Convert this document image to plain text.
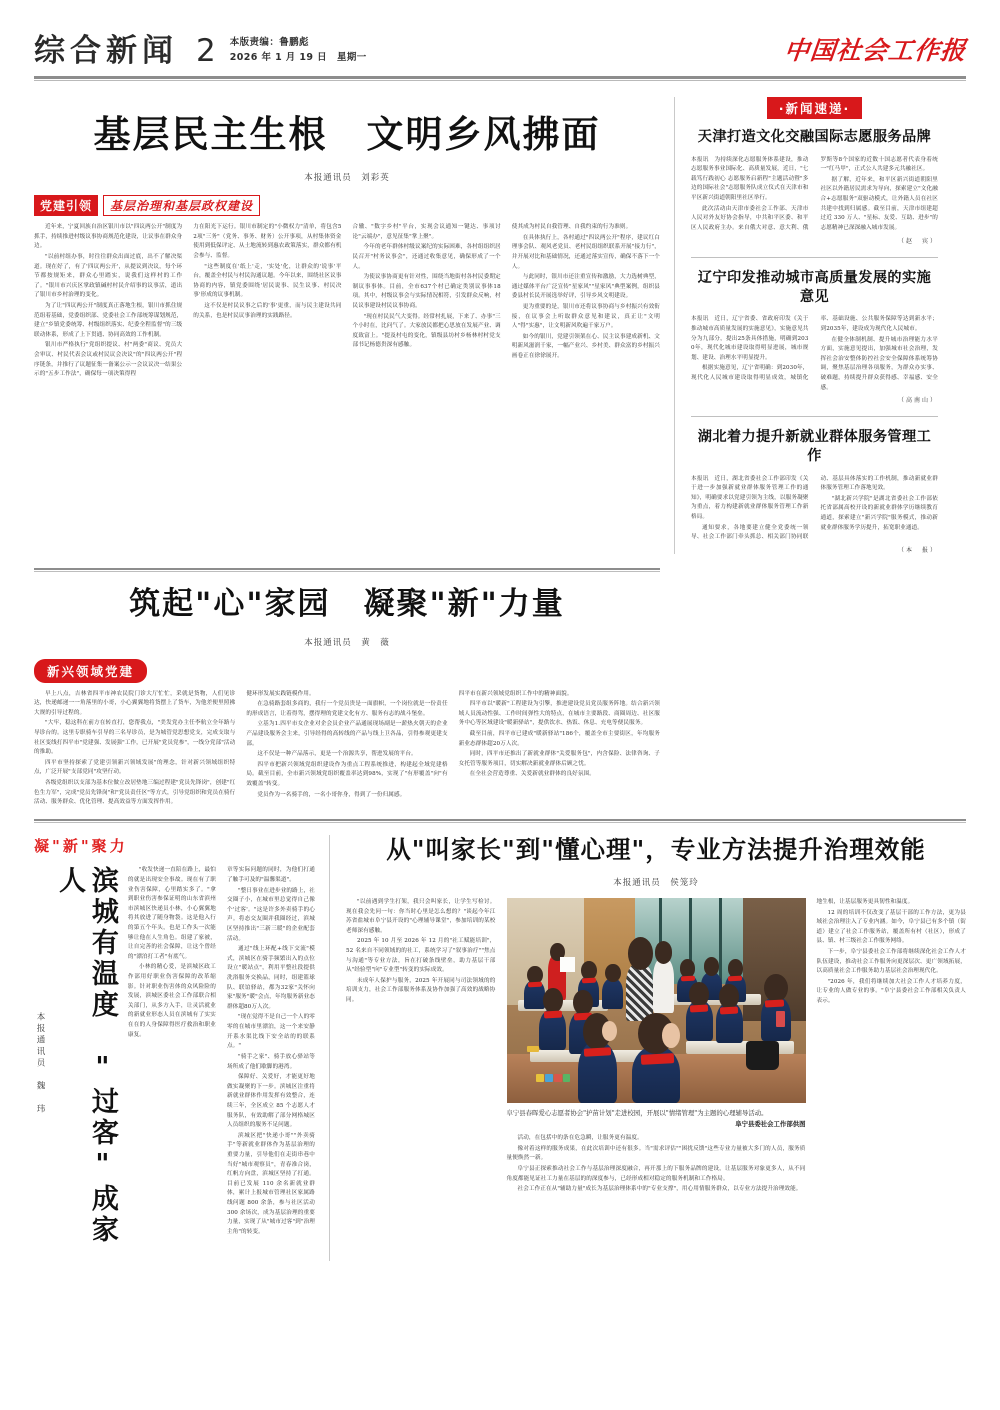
综合新闻 2 本版责编：鲁鹏彪
2026 年 1 月 19 日　星期一	中国社会工作报
基层民主生根　文明乡风拂面
本报通讯员　刘彩英
党建引领	基层治理和基层政权建设

近年来，宁夏回族自治区银川市以"四议两公开"制度为抓手，持续推进村级议事协商规范化建设，让议事在群众身边。

"以前村组办事，时往往群众出面过底，出不了解决渠道。现在好了，有了'四议两公开'，从提议到决议，每个环节都按规矩来，群众心里踏实，说我们这样村的工作了。"银川市兴庆区掌政镇碱村村民介绍事的议事活，道出了银川市乡村治理的变化。

为了让"四议两公开"制度真正落地生根，银川市抓住规范组着基础，党委组织部、党委社会工作部统筹谋划规范，建立"乡镇党委统筹、村级组织落实、纪委全程监督"的三级联动体系，形成了上下贯通、协同高效的工作机制。

银川市严格执行"党组织提议、村"两委"商议、党员大会审议、村民代表会议或村民议会决议"的"四议两公开"程序链条，并推行了议题征集一备案公示一会议议决一结果公示的"五步工作法"，确保每一项决策得程

力在阳光下运行。银川市制定的"小微权力"清单，将包含52项"三务"（党务、事务、财务）公开事项，从村集体资金使用到低保评定、从土地流转到惠农政策落实，群众都有机会参与、监督。

"这些制度在'纸上'走，'实处'化，让群众的'说事'平台，覆盖全村民与村民沟通议题。今年以来，围绕社区议事协商的内容，镇党委围绕'居民说事、民生议事、村民决事'形成的议事机制。

这不仅是村民议事之后的'事'更重，而与民主建设共同的关系，也是村民议事治理的实践路径。

合辙、"数字乡村"平台，实现会议通知一键达、事项讨论"云端办"，意见征集"掌上聚"。

今年的老年群体村级议案纪的实际困难，各村组组织居民召开"村务议事会"，还通过收集意见，确保形成了一个人。

为使议事协商更有针对性，围绕当地街村各村民委期定制议事事体。目前，全市637个村已确定类别议事体18项。其中，村级议事会与实际情况相符，引发群众反响，村民议事建设村民议事协商。

"现在村民民气大变得。经常村扎展，下来了、办事"三个小时在，比问气了。大家放民都把心思放在发展产业、调度致富上。"提及村屯的变化，镇级县坊村乡杨林村村党支部书记杨德贵深有感触。

使其成为村民自我管理、自我约束的行为准则。

在具体执行上，各村通过"四议两公开"程序，建议红白理事会队、观风老党员、老村民组组织联系开展"接力行"，并开展对比和基础情况，还通过落实宣传，确保不落下一个人。

与此同时，银川市还注重宣传和激励，大力选树典型，通过媒体平台广泛宣传"星家风""星家风"典型案例，组织县委县村长民开展选举好评，引导乡风文明建设。

更为重要的是，银川市还将议事协商与乡村振兴有效衔接，在议事会上听取群众意见和建议，真正让"文明人"得"实惠"，让文明新风吹遍千家万户。

如今的银川，党建引领架在心、民主议事建成新机、文明新风滋润千家，一幅产业兴、乡村美、群众富的乡村振兴画卷正在徐徐展开。

·新闻速递·
天津打造文化交融国际志愿服务品牌

本报讯　为持续深化志愿服务体系建设，推动志愿服务事业国际化、高质量发展，近日，"七载笃行践初心 志愿服务启新程"主题活动暨"多边的国际社会"志愿服务队成立仪式在天津市和平区新兴街道朝阳里社区举行。

此次活动由天津市委社会工作部、天津市人民对外友好协会指导，中共和平区委、和平区人民政府主办。来自俄大对意、意大利、俄罗斯等8个国家的近数十国志愿者代表身着统一"红马甲"，正式公人共建多元共融社区。

据了解，近年来，和平区新兴街道朝阳里社区以外籍居民需求为导向，探索建立"文化融合+志愿服务"双驱动模式，让外籍人员在社区共建中找到归属感。截至目前，天津市组建超过近 330 万人、"星标、友爱、互助、进步"的志愿精神已深深融入城市发展。

（赵　宾）
辽宁印发推动城市高质量发展的实施意见

本报讯　近日，辽宁省委、省政府印发《关于推动城市高质量发展的实施意见》，实施意见共分为九部分，提出25条具体措施，明确到2030年，现代化城市建设取得明显进展，城市规划、建设、治理水平明显提升。

根据实施意见，辽宁省明确：到2030年，现代化人民城市建设取得明显成效，城镇化率、基础设施、公共服务保障等达到新水平；到2035年，建设成为现代化人民城市。

在健全体制机制、提升城市治理能力水平方面，实施意见提出，加强城市社会治理，发挥社会治安整体防控社会安全保障体系统筹协调，聚焦基层治理各项服务，为群众办实事、破难题，持续提升群众获得感、幸福感、安全感。

（高南山）
湖北着力提升新就业群体服务管理工作

本报讯　近日，湖北省委社会工作部印发《关于进一步加强新就业群体服务管理工作的通知》，明确要求以党建引领为主线，以服务凝聚为重点，着力构建新就业群体服务管理工作新格局。

通知要求，各地要建立健全党委统一领导、社会工作部门牵头抓总、相关部门协同联动、基层具体落实的工作机制，推动新就业群体服务管理工作落地见效。

"湖北新兴学院"是湖北省委社会工作部依托省部属高校开设的新就业群体学历继续教育通道，探索建立"新兴学院"服务模式，推动新就业群体服务学历提升，拓宽职业通道。

（本　报）
筑起"心"家园　凝聚"新"力量
本报通讯员　黄　薇
新兴领域党建

早上八点，吉林省四平市神农民院门诊大厅忙忙，采就是货物，人们见诊达，快递邮递一一角落里的小哥，小心翼翼地将货摆上了货车，为他差便里照拂大规的引导过程的。

"大牢，稳这科在前方在转直打，您帮我点，"美发党办主任李航立全年路与导诊台的。这里专职骑车引导的三名导诊员，是为城管党思想党支，完成支取与社区变线打四平市"党建强、发展强"工作，已开展"党员党参"，一线分党部"活动的推助。

四平市坚持探索了党建引领新兴领域发展"的理念，针对新兴领域组织特点，广泛开展"支部党同"攻坚行动。

各级党组织以支部为基本位做立改居垫地三编过程建"党员先锋岗"，创建"红色生力军"，完成"党员先锋岗"和"党员责任区"等方式，引导党组织和党员在骑行活动、服务群众、优化管理、提高效益等方面发挥作用。

健环形发展实践链模作用。

在急骑路套组多商的，我行一个党员贵是一面旗帜，一个岗位就是一份责任的形成语言，让着得驾，摆得理的党建文化有方、服务有志的战斗堡垒。

立基为1.四平市女企业对企会员企业产品通展现场副是一薪热火朝天的企业产品建设服务会主来，引导经得的高转线的产品与线上卫各品，引得参观更建支部。

这不仅是一种产品落示，更是一个治源共享，帮进发展的平台。

四平市把新兴领域党组织建设作为重点工程系统推进，构建起全域党建格局。截至目前，全市新兴领域党组织覆盖率达到98%，实现了"有形覆盖"向"有效覆盖"转变。

党员作为一名骑手的，一名小哥你身，得到了一份归属感。

四平市在新兴领域党组织工作中的精神面貌。

四平市以"暖新"工程建设为引擎，推进建设党员党员服务阵地。结合新兴领域人员流动性强、工作时间弹性大的特点，在城市主要路段、商圈周边、社区服务中心等区域建设"暖新驿站"，提供饮水、热饭、休息、充电等便民服务。

截至目前，四平市已建成"暖新驿站"186个，覆盖全市主要街区，年均服务新业态群体超20万人次。

同时，四平市还推出了新就业群体"关爱服务包"，内含保险、法律咨询、子女托管等服务项目，切实解决新就业群体后顾之忧。

在全社会营造尊重、关爱新就业群体的良好氛围。

凝"新"聚力
滨城有温度　"过客"成家人
本报通讯员　魏　玮

"收发快递一直陪在路上，最怕的就是出现安全事故。现在有了职业伤害保障，心里踏实多了。"拿到职业伤害参保证明的山东省滨州市滨城区快递员小林，小心翼翼地将其放进了随身物袋。这是他入行的第五个年头，也是工作头一次能够让他在人生角色。组建了家被，让自完善的社会保障，让这个曾经的"漂泊打工者"有底气。

小林的精心爱，是滨城区政工作部用好职业伤害保障的改革缩影。针对职业伤害体的众风险险的发展，滨城区委社会工作部联合相关部门，从多方入手，让灵活就业的新就业形态人员在滨城有了实实在在的人身保障得医疗救治和职业康复。

章等实际问题的同时，为他们打通了触手可及的"温馨渠道"。

"整日事业在进步业的路上，社交圈子小，在城市里总觉得自己像个'过客'。"这是许多外卖骑手的心声。将态交友圈并我圈经过，滨城区坚持推出"三新三暖"的企业配套活动。

通过"线上环配+线下交流"模式，滨城区在骑手频繁出入的点位设立"暖站点"，利用平整社段提供洗浴服务交换品，同时，组建篮球队、联谊驿站，都为32家"关怀向家"服务"暖"会点，年均服务新业态群体超80万人次。

"现在觉得不是自己一个人的零零的在城市里漂泊，这一个来安静开系水渠比线下安全站的的联系点。"

"骑手之家"、骑手放心驿站等场所成了他们歇脚的港湾。

保障好、关爱好，才能更好地做实凝聚的下一步。滨城区注重将新就业群体作用发挥有效整合，连续三年，全区成立 85 个志愿人才服务队，有效助解了部分网格城区人员组织的服务不足问题。

滨城区把"快递小哥""外卖骑手"等新就业群体作为基层治理的重要力量，引导他们在走街串巷中当好"城市观察员"，青春准合岗，红帆方向盘，滨城区坚持了打通。目前已发展 110 余名新就业群体，累计上报城市管理社区家属路线问题 800 余条，参与社区活动 300 余场次，成为基层治理的重要力量，实现了从"城市过客"到"治理主角"的转变。

从"叫家长"到"懂心理"，专业方法提升治理效能
本报通讯员　侯笼玲

"以前遇到学生打架，我只会叫家长，让学生写检讨。现在我会先问一句：你当时心里是怎么想的？"谈起今年江苏省盐城市阜宁县开设的"心理辅导课堂"，参加培训的某校老师深有感触。

2025 年 10 月至 2026 年 12 月的"社工赋能培训"，52 名来自不同领域的的社工，系统学习了"叙事治疗""焦点与沟通"等专业方法，旨在打破条线壁垒，助力基层干部从"经验型"向"专业型"转变的实际成效。

未成年人保护与服务，2025 年开展同与司法领域的的培训支力，社会工作部服务体系及协作加强了高效的战略协同。

阜宁县春晖爱心志愿者协会"护苗计划"走进校园，开展以"情绪管理"为主题的心理辅导活动。
阜宁县委社会工作部供图

活动，在包括中的条在危急瞬，让服务更有温度。

像对着这样的服务成果，在此次培训中还有很多。当"需求评估""困扰反馈"这些专业力量被大多门的人员，服务质量便焕然一新。

阜宁县正探索推动社会工作与基层治理深度融合，再开那上的下服务品牌的建设，让基层服务对象更多人，从不同角度都能见证社工力量在基层的的深度参与，已经形成相对稳定的服务机制和工作格局。

社会工作正在从"辅助力量"成长为基层治理体系中的"专业支撑"，用心用情服务群众，以专业方法提升治理效能。

地生根，让基层服务更具韧性和温度。

12 周的培训不仅改变了基层干部的工作方法，更为县域社会治理注入了专业内涵。如今，阜宁县已有多个镇（街道）建立了社会工作服务站，覆盖所有村（社区），形成了县、镇、村三级社会工作服务网络。

下一步，阜宁县委社会工作部将继续深化社会工作人才队伍建设，推动社会工作服务向更深层次、更广领域拓展，以高质量社会工作服务助力基层社会治理现代化。

"2026 年，我们将继续加大社会工作人才培养力度，让专业的人做专业的事。"阜宁县委社会工作部相关负责人表示。
